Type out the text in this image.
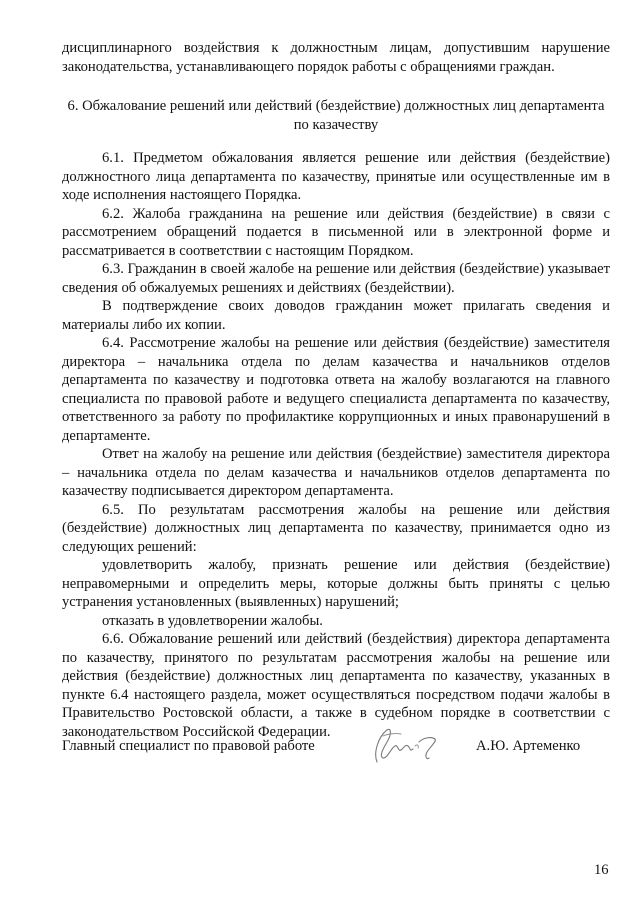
дисциплинарного воздействия к должностным лицам, допустившим нарушение законодательства, устанавливающего порядок работы с обращениями граждан.

6. Обжалование решений или действий (бездействие) должностных лиц департамента по казачеству

6.1. Предметом обжалования является решение или действия (бездействие) должностного лица департамента по казачеству, принятые или осуществленные им в ходе исполнения настоящего Порядка.

6.2. Жалоба гражданина на решение или действия (бездействие) в связи с рассмотрением обращений подается в письменной или в электронной форме и рассматривается в соответствии с настоящим Порядком.

6.3. Гражданин в своей жалобе на решение или действия (бездействие) указывает сведения об обжалуемых решениях и действиях (бездействии).

В подтверждение своих доводов гражданин может прилагать сведения и материалы либо их копии.

6.4. Рассмотрение жалобы на решение или действия (бездействие) заместителя директора – начальника отдела по делам казачества и начальников отделов департамента по казачеству и подготовка ответа на жалобу возлагаются на главного специалиста по правовой работе и ведущего специалиста департамента по казачеству, ответственного за работу по профилактике коррупционных и иных правонарушений в департаменте.

Ответ на жалобу на решение или действия (бездействие) заместителя директора – начальника отдела по делам казачества и начальников отделов департамента по казачеству подписывается директором департамента.

6.5. По результатам рассмотрения жалобы на решение или действия (бездействие) должностных лиц департамента по казачеству, принимается одно из следующих решений:

удовлетворить жалобу, признать решение или действия (бездействие) неправомерными и определить меры, которые должны быть приняты с целью устранения установленных (выявленных) нарушений;

отказать в удовлетворении жалобы.

6.6. Обжалование решений или действий (бездействия) директора департамента по казачеству, принятого по результатам рассмотрения жалобы на решение или действия (бездействие) должностных лиц департамента по казачеству, указанных в пункте 6.4 настоящего раздела, может осуществляться посредством подачи жалобы в Правительство Ростовской области, а также в судебном порядке в соответствии с законодательством Российской Федерации.

Главный специалист по правовой работе	А.Ю. Артеменко
16
